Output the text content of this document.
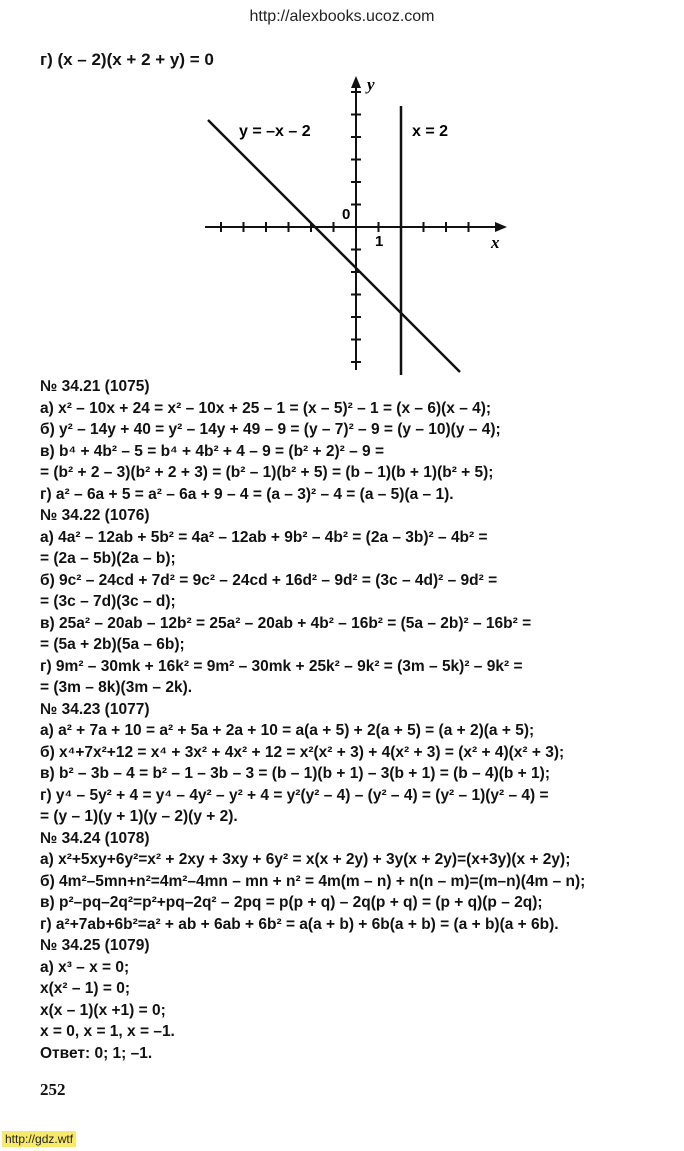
http://alexbooks.ucoz.com
г) (x – 2)(x + 2 + y) = 0
y
x
0
1
y = –x – 2	x = 2
№ 34.21 (1075)
а) x² – 10x + 24 = x² – 10x + 25 – 1 = (x – 5)² – 1 = (x – 6)(x – 4);
б) y² – 14y + 40 = y² – 14y + 49 – 9 = (y – 7)² – 9 = (y – 10)(y – 4);
в) b⁴ + 4b² – 5 = b⁴ + 4b² + 4 – 9 = (b² + 2)² – 9 =
= (b² + 2 – 3)(b² + 2 + 3) = (b² – 1)(b² + 5) = (b – 1)(b + 1)(b² + 5);
г) a² – 6a + 5 = a² – 6a + 9 – 4 = (a – 3)² – 4 = (a – 5)(a – 1).
№ 34.22 (1076)
а) 4a² – 12ab + 5b² = 4a² – 12ab + 9b² – 4b² = (2a – 3b)² – 4b² =
= (2a – 5b)(2a – b);
б) 9c² – 24cd + 7d² = 9c² – 24cd + 16d² – 9d² = (3c – 4d)² – 9d² =
= (3c – 7d)(3c – d);
в) 25a² – 20ab – 12b² = 25a² – 20ab + 4b² – 16b² = (5a – 2b)² – 16b² =
= (5a + 2b)(5a – 6b);
г) 9m² – 30mk + 16k² = 9m² – 30mk + 25k² – 9k² = (3m – 5k)² – 9k² =
= (3m – 8k)(3m – 2k).
№ 34.23 (1077)
а) a² + 7a + 10 = a² + 5a + 2a + 10 = a(a + 5) + 2(a + 5) = (a + 2)(a + 5);
б) x⁴+7x²+12 = x⁴ + 3x² + 4x² + 12 = x²(x² + 3) + 4(x² + 3) = (x² + 4)(x² + 3);
в) b² – 3b – 4 = b² – 1 – 3b – 3 = (b – 1)(b + 1) – 3(b + 1) = (b – 4)(b + 1);
г) y⁴ – 5y² + 4 = y⁴ – 4y² – y² + 4 = y²(y² – 4) – (y² – 4) = (y² – 1)(y² – 4) =
= (y – 1)(y + 1)(y – 2)(y + 2).
№ 34.24 (1078)
а) x²+5xy+6y²=x² + 2xy + 3xy + 6y² = x(x + 2y) + 3y(x + 2y)=(x+3y)(x + 2y);
б) 4m²–5mn+n²=4m²–4mn – mn + n² = 4m(m – n) + n(n – m)=(m–n)(4m – n);
в) p²–pq–2q²=p²+pq–2q² – 2pq = p(p + q) – 2q(p + q) = (p + q)(p – 2q);
г) a²+7ab+6b²=a² + ab + 6ab + 6b² = a(a + b) + 6b(a + b) = (a + b)(a + 6b).
№ 34.25 (1079)
а) x³ – x = 0;
x(x² – 1) = 0;
x(x – 1)(x +1) = 0;
x = 0, x = 1, x = –1.
Ответ: 0; 1; –1.
252
http://gdz.wtf
